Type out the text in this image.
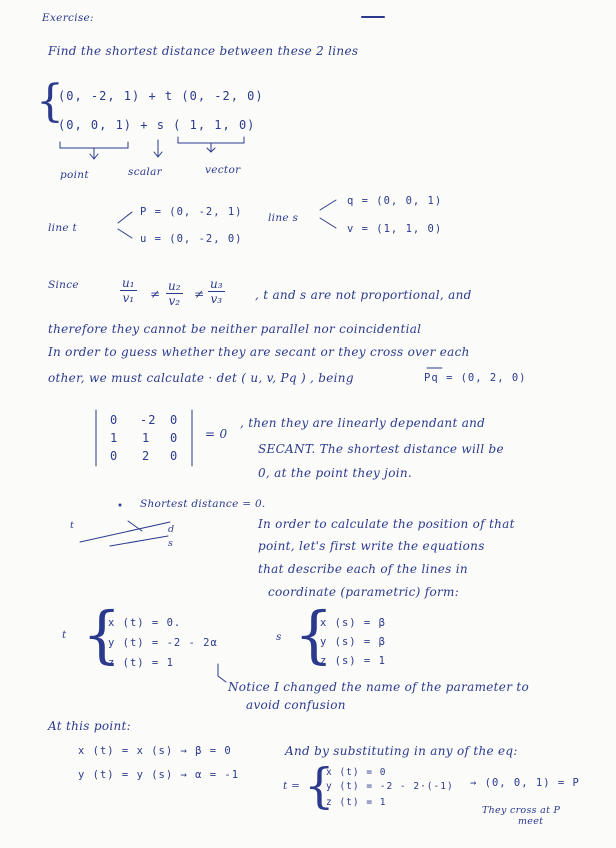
Exercise:
Find the shortest distance between these 2 lines
{
(0, -2, 1) + t (0, -2, 0)
(0, 0, 1) + s ( 1, 1, 0)
point	scalar	vector
line t
P = (0, -2, 1)
u = (0, -2, 0)
line s
q = (0, 0, 1)
v = (1, 1, 0)
Since	$\frac{\text{u₁}}{\text{v₁}} \ne \frac{\text{u₂}}{\text{v₂}} \ne \frac{\text{u₃}}{\text{v₃}}$	, t and s are not proportional, and
therefore they cannot be neither parallel nor coincidential
In order to guess whether they are secant or they cross over each
other, we must calculate · det ( u, v, Pq ) , being	Pq = (0, 2, 0)
0 -2 0
1 1 0
0 2 0
= 0
, then they are linearly dependant and
SECANT. The shortest distance will be
0, at the point they join.
Shortest distance = 0.
t
s
d	In order to calculate the position of that
point, let's first write the equations
that describe each of the lines in
coordinate (parametric) form:
t {
x (t) = 0.
y (t) = -2 - 2α
z (t) = 1
s {
x (s) = β
y (s) = β
z (s) = 1
Notice I changed the name of the parameter to
avoid confusion
At this point:
x (t) = x (s) → β = 0
y (t) = y (s) → α = -1
And by substituting in any of the eq:
t = {
x (t) = 0
y (t) = -2 - 2·(-1)
z (t) = 1
→ (0, 0, 1) = P
They cross at P
meet
